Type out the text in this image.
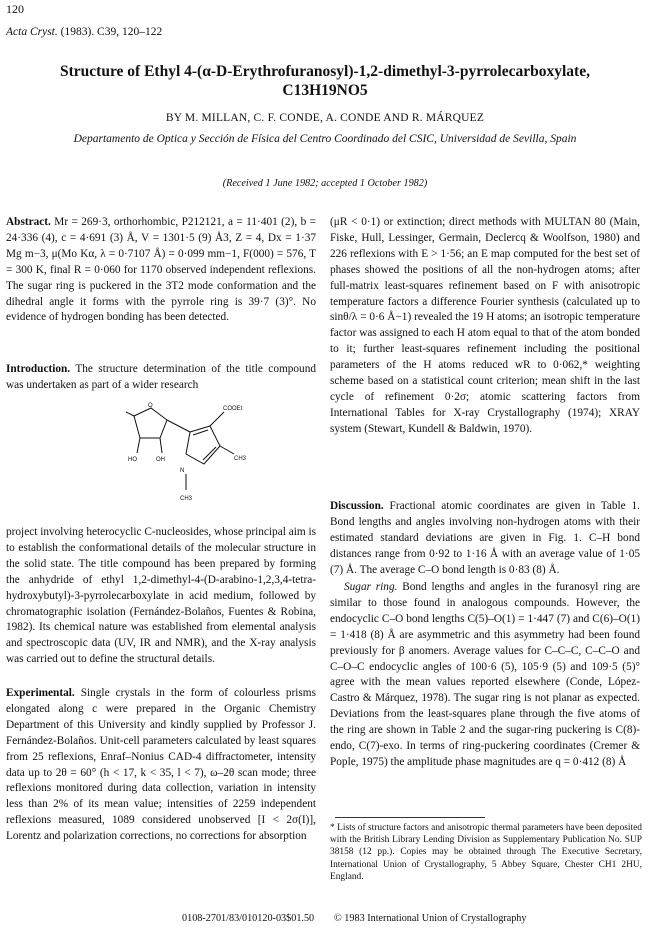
120
Acta Cryst. (1983). C39, 120–122
Structure of Ethyl 4-(α-D-Erythrofuranosyl)-1,2-dimethyl-3-pyrrolecarboxylate,
C13H19NO5
BY M. MILLAN, C. F. CONDE, A. CONDE AND R. MÁRQUEZ
Departamento de Optica y Sección de Física del Centro Coordinado del CSIC, Universidad de Sevilla, Spain
(Received 1 June 1982; accepted 1 October 1982)

Abstract. Mr = 269·3, orthorhombic, P212121, a = 11·401 (2), b = 24·336 (4), c = 4·691 (3) Å, V = 1301·5 (9) Å3, Z = 4, Dx = 1·37 Mg m−3, μ(Mo Kα, λ = 0·7107 Å) = 0·099 mm−1, F(000) = 576, T = 300 K, final R = 0·060 for 1170 observed independent reflexions. The sugar ring is puckered in the 3T2 mode conformation and the dihedral angle it forms with the pyrrole ring is 39·7 (3)°. No evidence of hydrogen bonding has been detected.

Introduction. The structure determination of the title compound was undertaken as part of a wider research

O
HO	OH
COOEt
CH3
N
CH3

project involving heterocyclic C-nucleosides, whose principal aim is to establish the conformational details of the molecular structure in the solid state. The title compound has been prepared by forming the anhydride of ethyl 1,2-dimethyl-4-(D-arabino-1,2,3,4-tetra-hydroxybutyl)-3-pyrrolecarboxylate in acid medium, followed by chromatographic isolation (Fernández-Bolaños, Fuentes & Robina, 1982). Its chemical nature was established from elemental analysis and spectroscopic data (UV, IR and NMR), and the X-ray analysis was carried out to define the structural details.

Experimental. Single crystals in the form of colourless prisms elongated along c were prepared in the Organic Chemistry Department of this University and kindly supplied by Professor J. Fernández-Bolaños. Unit-cell parameters calculated by least squares from 25 reflexions, Enraf–Nonius CAD-4 diffractometer, intensity data up to 2θ = 60° (h < 17, k < 35, l < 7), ω–2θ scan mode; three reflexions monitored during data collection, variation in intensity less than 2% of its mean value; intensities of 2259 independent reflexions measured, 1089 considered unobserved [I < 2σ(I)], Lorentz and polarization corrections, no corrections for absorption

(μR < 0·1) or extinction; direct methods with MULTAN 80 (Main, Fiske, Hull, Lessinger, Germain, Declercq & Woolfson, 1980) and 226 reflexions with E > 1·56; an E map computed for the best set of phases showed the positions of all the non-hydrogen atoms; after full-matrix least-squares refinement based on F with anisotropic temperature factors a difference Fourier synthesis (calculated up to sinθ/λ = 0·6 Å−1) revealed the 19 H atoms; an isotropic temperature factor was assigned to each H atom equal to that of the atom bonded to it; further least-squares refinement including the positional parameters of the H atoms reduced wR to 0·062,* weighting scheme based on a statistical count criterion; mean shift in the last cycle of refinement 0·2σ; atomic scattering factors from International Tables for X-ray Crystallography (1974); XRAY system (Stewart, Kundell & Baldwin, 1970).

Discussion. Fractional atomic coordinates are given in Table 1. Bond lengths and angles involving non-hydrogen atoms with their estimated standard deviations are given in Fig. 1. C–H bond distances range from 0·92 to 1·16 Å with an average value of 1·05 (7) Å. The average C–O bond length is 0·83 (8) Å.

Sugar ring. Bond lengths and angles in the furanosyl ring are similar to those found in analogous compounds. However, the endocyclic C–O bond lengths C(5)–O(1) = 1·447 (7) and C(6)–O(1) = 1·418 (8) Å are asymmetric and this asymmetry had been found previously for β anomers. Average values for C–C–C, C–C–O and C–O–C endocyclic angles of 100·6 (5), 105·9 (5) and 109·5 (5)° agree with the mean values reported elsewhere (Conde, López-Castro & Márquez, 1978). The sugar ring is not planar as expected. Deviations from the least-squares plane through the five atoms of the ring are shown in Table 2 and the sugar-ring puckering is C(8)-endo, C(7)-exo. In terms of ring-puckering coordinates (Cremer & Pople, 1975) the amplitude phase magnitudes are q = 0·412 (8) Å

* Lists of structure factors and anisotropic thermal parameters have been deposited with the British Library Lending Division as Supplementary Publication No. SUP 38158 (12 pp.). Copies may be obtained through The Executive Secretary, International Union of Crystallography, 5 Abbey Square, Chester CH1 2HU, England.
0108-2701/83/010120-03$01.50 © 1983 International Union of Crystallography
